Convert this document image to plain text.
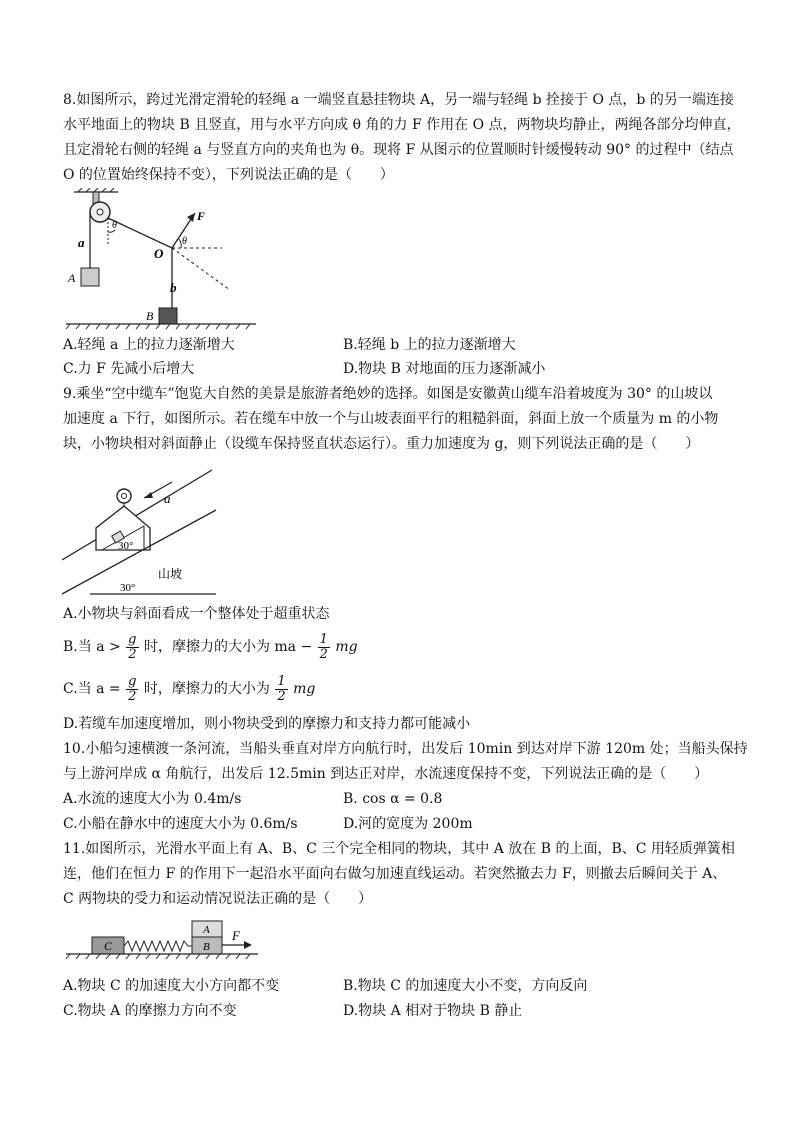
8.如图所示，跨过光滑定滑轮的轻绳 a 一端竖直悬挂物块 A，另一端与轻绳 b 拴接于 O 点，b 的另一端连接
水平地面上的物块 B 且竖直，用与水平方向成 θ 角的力 F 作用在 O 点，两物块均静止，两绳各部分均伸直，
且定滑轮右侧的轻绳 a 与竖直方向的夹角也为 θ。现将 F 从图示的位置顺时针缓慢转动 90° 的过程中（结点
O 的位置始终保持不变），下列说法正确的是（　　）
a
θ
F
θ
O
A
b
B
A.轻绳 a 上的拉力逐渐增大	B.轻绳 b 上的拉力逐渐增大
C.力 F 先减小后增大	D.物块 B 对地面的压力逐渐减小
9.乘坐“空中缆车”饱览大自然的美景是旅游者绝妙的选择。如图是安徽黄山缆车沿着坡度为 30° 的山坡以
加速度 a 下行，如图所示。若在缆车中放一个与山坡表面平行的粗糙斜面，斜面上放一个质量为 m 的小物
块，小物块相对斜面静止（设缆车保持竖直状态运行）。重力加速度为 g，则下列说法正确的是（　　）
a
30°
30°
山坡
A.小物块与斜面看成一个整体处于超重状态
B.当 $a > \frac{g}{2}$ 时，摩擦力的大小为 ma − $\frac{1}{2}$ mg
C.当 $a = \frac{g}{2}$ 时，摩擦力的大小为 $\frac{1}{2}$ mg
D.若缆车加速度增加，则小物块受到的摩擦力和支持力都可能减小
10.小船匀速横渡一条河流，当船头垂直对岸方向航行时，出发后 10min 到达对岸下游 120m 处；当船头保持
与上游河岸成 α 角航行，出发后 12.5min 到达正对岸，水流速度保持不变，下列说法正确的是（　　）
A.水流的速度大小为 0.4m/s	B. cos α = 0.8
C.小船在静水中的速度大小为 0.6m/s	D.河的宽度为 200m
11.如图所示，光滑水平面上有 A、B、C 三个完全相同的物块，其中 A 放在 B 的上面，B、C 用轻质弹簧相
连，他们在恒力 F 的作用下一起沿水平面向右做匀加速直线运动。若突然撤去力 F，则撤去后瞬间关于 A、
C 两物块的受力和运动情况说法正确的是（　　）
C
A
B
F
A.物块 C 的加速度大小方向都不变	B.物块 C 的加速度大小不变，方向反向
C.物块 A 的摩擦力方向不变	D.物块 A 相对于物块 B 静止
